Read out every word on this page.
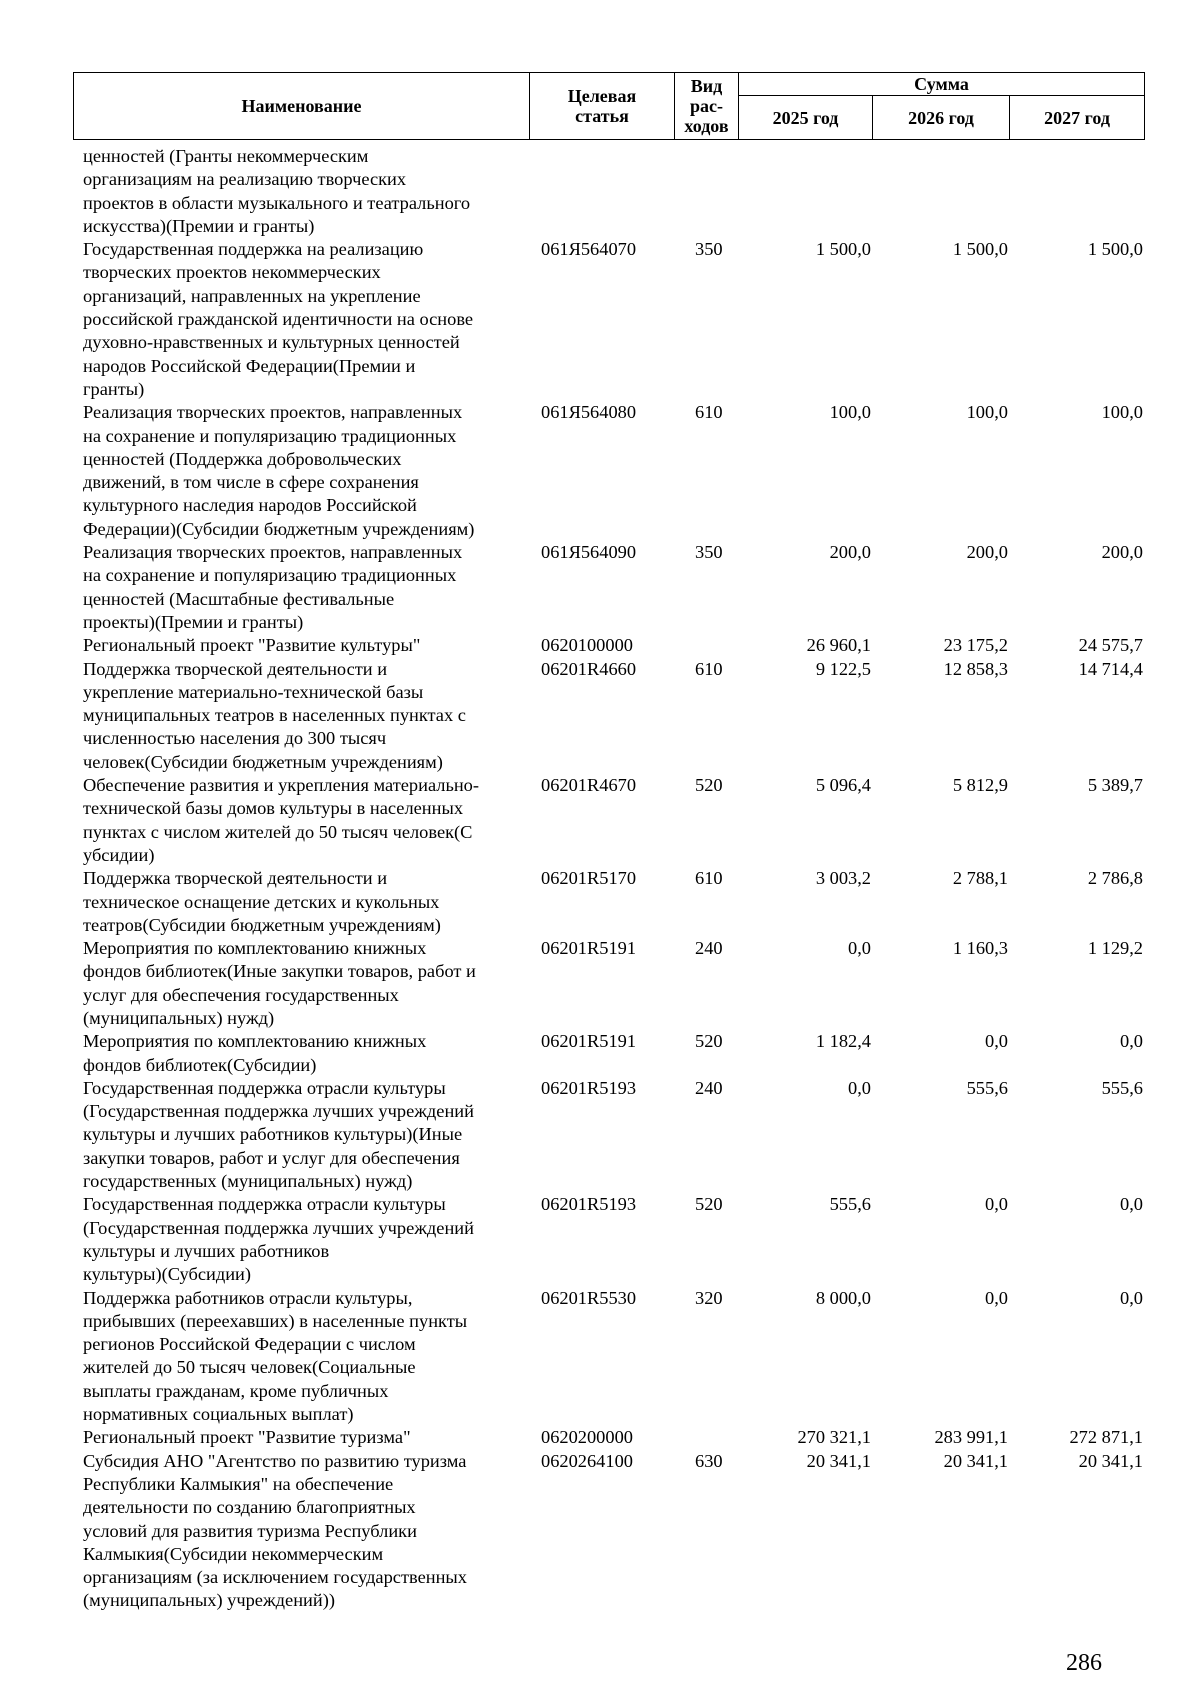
Наименование	Целевая статья	Вид рас-ходов	Сумма		
			2025 год	2026 год	2027 год
ценностей (Гранты некоммерческим
организациям на реализацию творческих
проектов в области музыкального и театрального
искусства)(Премии и гранты)
Государственная поддержка на реализацию
творческих проектов некоммерческих
организаций, направленных на укрепление
российской гражданской идентичности на основе
духовно-нравственных и культурных ценностей
народов Российской Федерации(Премии и
гранты)
061Я564070	350	1 500,0	1 500,0	1 500,0
Реализация творческих проектов, направленных
на сохранение и популяризацию традиционных
ценностей (Поддержка добровольческих
движений, в том числе в сфере сохранения
культурного наследия народов Российской
Федерации)(Субсидии бюджетным учреждениям)
061Я564080	610	100,0	100,0	100,0
Реализация творческих проектов, направленных
на сохранение и популяризацию традиционных
ценностей (Масштабные фестивальные
проекты)(Премии и гранты)
061Я564090	350	200,0	200,0	200,0
Региональный проект "Развитие культуры"	0620100000	26 960,1	23 175,2	24 575,7
Поддержка творческой деятельности и
укрепление материально-технической базы
муниципальных театров в населенных пунктах с
численностью населения до 300 тысяч
человек(Субсидии бюджетным учреждениям)
06201R4660	610	9 122,5	12 858,3	14 714,4
Обеспечение развития и укрепления материально-
технической базы домов культуры в населенных
пунктах с числом жителей до 50 тысяч человек(С
убсидии)
06201R4670	520	5 096,4	5 812,9	5 389,7
Поддержка творческой деятельности и
техническое оснащение детских и кукольных
театров(Субсидии бюджетным учреждениям)
06201R5170	610	3 003,2	2 788,1	2 786,8
Мероприятия по комплектованию книжных
фондов библиотек(Иные закупки товаров, работ и
услуг для обеспечения государственных
(муниципальных) нужд)
06201R5191	240	0,0	1 160,3	1 129,2
Мероприятия по комплектованию книжных
фондов библиотек(Субсидии)
06201R5191	520	1 182,4	0,0	0,0
Государственная поддержка отрасли культуры
(Государственная поддержка лучших учреждений
культуры и лучших работников культуры)(Иные
закупки товаров, работ и услуг для обеспечения
государственных (муниципальных) нужд)
06201R5193	240	0,0	555,6	555,6
Государственная поддержка отрасли культуры
(Государственная поддержка лучших учреждений
культуры и лучших работников
культуры)(Субсидии)
06201R5193	520	555,6	0,0	0,0
Поддержка работников отрасли культуры,
прибывших (переехавших) в населенные пункты
регионов Российской Федерации с числом
жителей до 50 тысяч человек(Социальные
выплаты гражданам, кроме публичных
нормативных социальных выплат)
06201R5530	320	8 000,0	0,0	0,0
Региональный проект "Развитие туризма"	0620200000	270 321,1	283 991,1	272 871,1
Субсидия АНО "Агентство по развитию туризма
Республики Калмыкия" на обеспечение
деятельности по созданию благоприятных
условий для развития туризма Республики
Калмыкия(Субсидии некоммерческим
организациям (за исключением государственных
(муниципальных) учреждений))
0620264100	630	20 341,1	20 341,1	20 341,1
286
